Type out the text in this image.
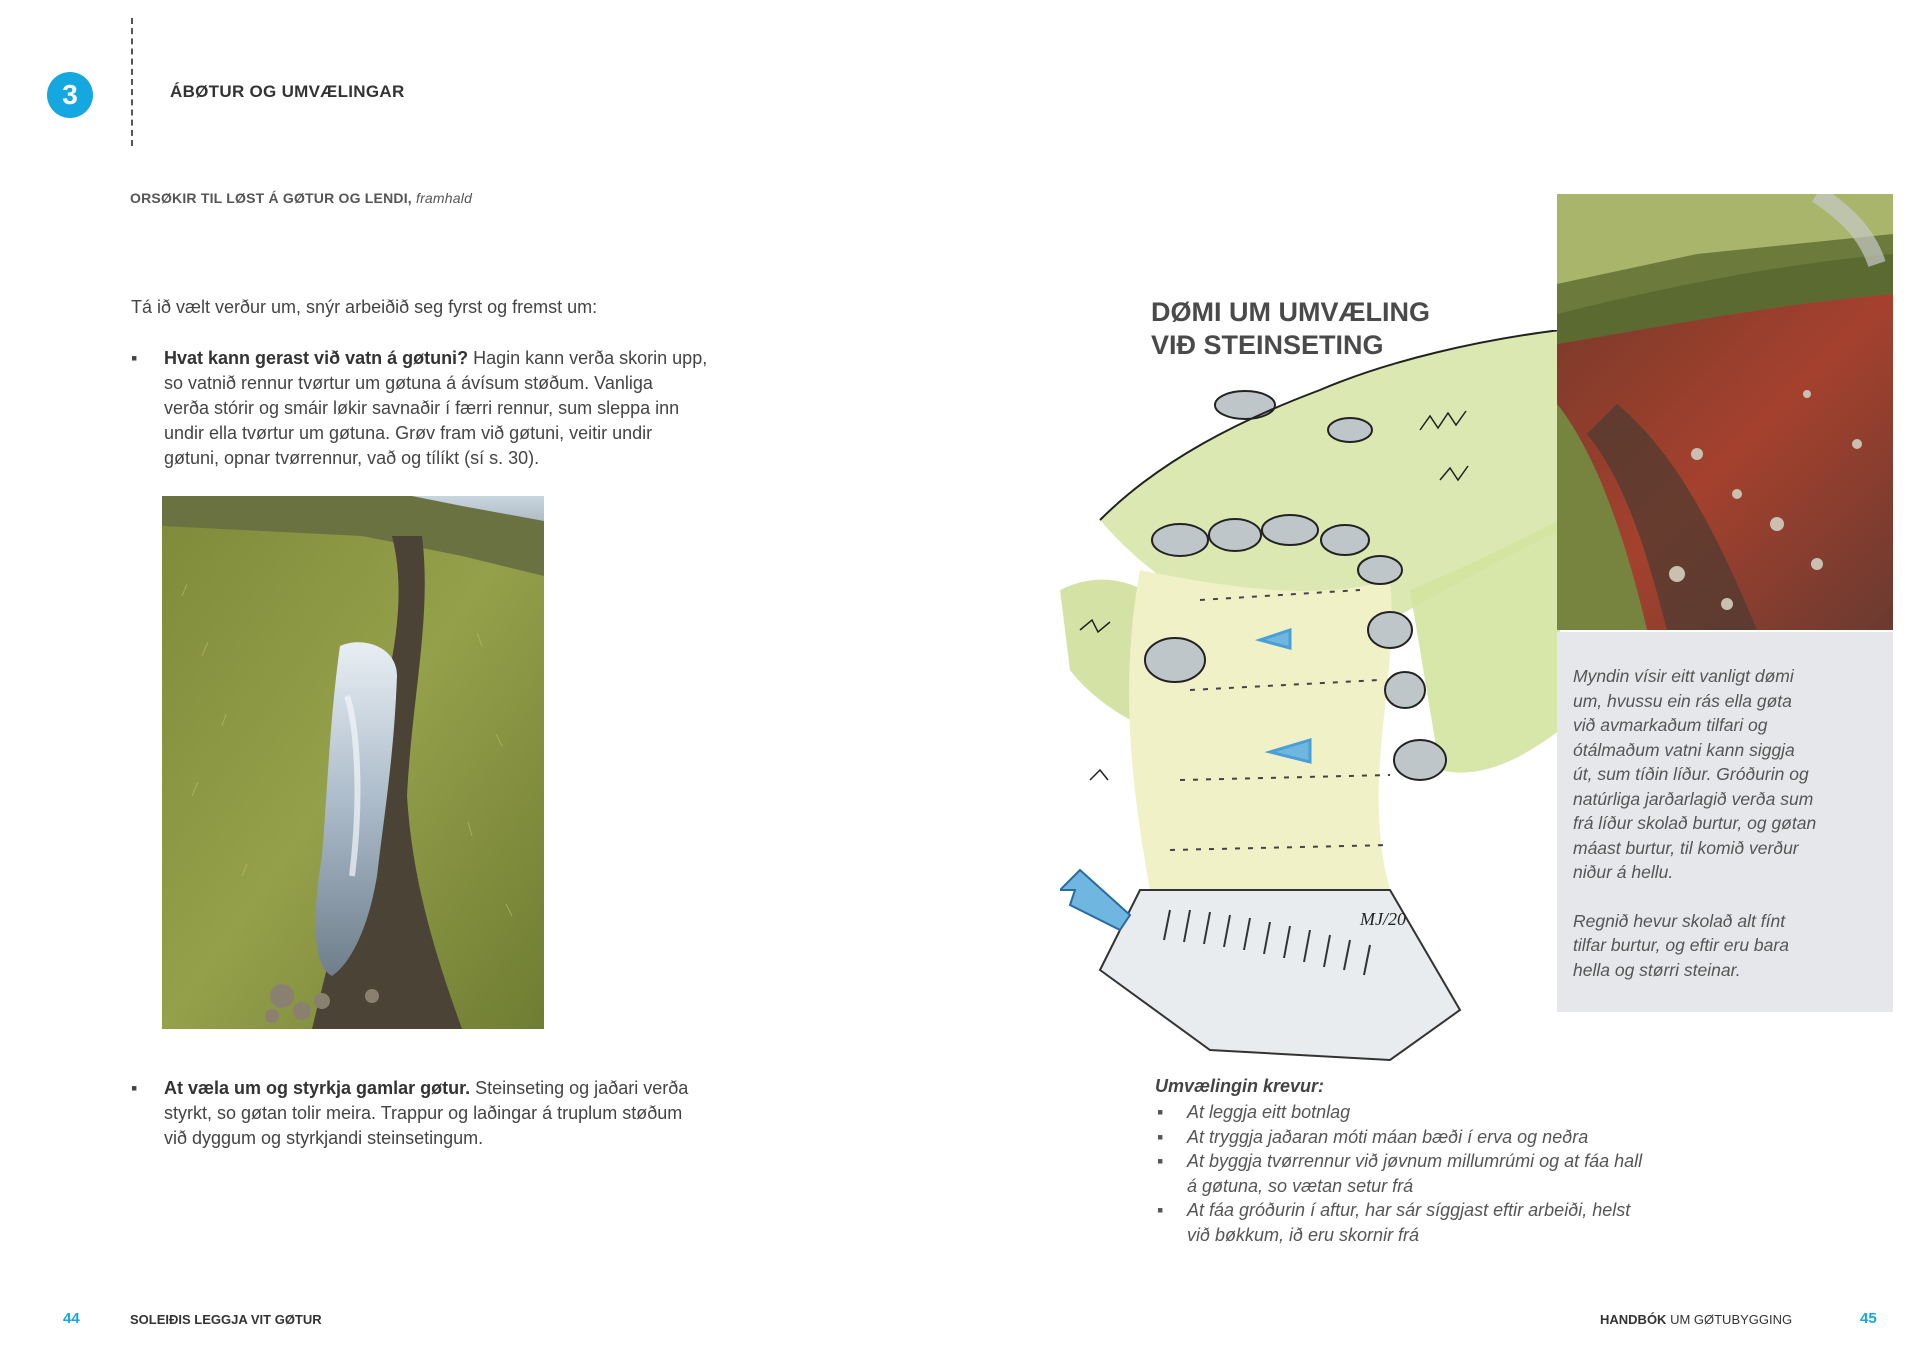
3	ÁBØTUR OG UMVÆLINGAR
ORSØKIR TIL LØST Á GØTUR OG LENDI, framhald
Tá ið vælt verður um, snýr arbeiðið seg fyrst og fremst um:
▪ Hvat kann gerast við vatn á gøtuni? Hagin kann verða skorin upp,
so vatnið rennur tvørtur um gøtuna á ávísum støðum. Vanliga
verða stórir og smáir løkir savnaðir í færri rennur, sum sleppa inn
undir ella tvørtur um gøtuna. Grøv fram við gøtuni, veitir undir
gøtuni, opnar tvørrennur, vað og tílíkt (sí s. 30).
▪ At væla um og styrkja gamlar gøtur. Steinseting og jaðari verða
styrkt, so gøtan tolir meira. Trappur og laðingar á truplum støðum
við dyggum og styrkjandi steinsetingum.
DØMI UM UMVÆLING
VIÐ STEINSETING
MJ/20

Myndin vísir eitt vanligt dømi
um, hvussu ein rás ella gøta
við avmarkaðum tilfari og
ótálmaðum vatni kann siggja
út, sum tíðin líður. Gróðurin og
natúrliga jarðarlagið verða sum
frá líður skolað burtur, og gøtan
máast burtur, til komið verður
niður á hellu.

Regnið hevur skolað alt fínt
tilfar burtur, og eftir eru bara
hella og størri steinar.

Umvælingin krevur:
▪ At leggja eitt botnlag
▪ At tryggja jaðaran móti máan bæði í erva og neðra
▪ At byggja tvørrennur við jøvnum millumrúmi og at fáa hall
á gøtuna, so vætan setur frá
▪ At fáa gróðurin í aftur, har sár síggjast eftir arbeiði, helst
við bøkkum, ið eru skornir frá
44	SOLEIÐIS LEGGJA VIT GØTUR	HANDBÓK UM GØTUBYGGING	45
